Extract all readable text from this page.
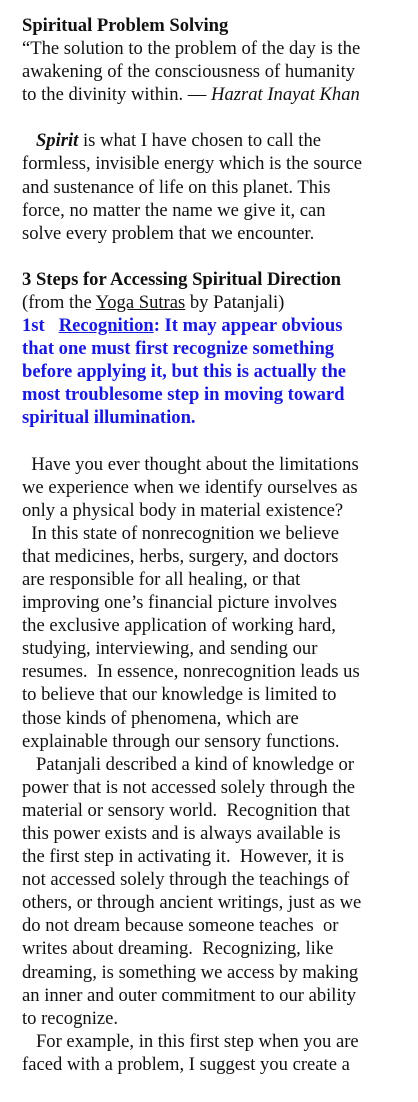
Spiritual Problem Solving
“The solution to the problem of the day is the
awakening of the consciousness of humanity
to the divinity within. — Hazrat Inayat Khan
Spirit is what I have chosen to call the
formless, invisible energy which is the source
and sustenance of life on this planet. This
force, no matter the name we give it, can
solve every problem that we encounter.
3 Steps for Accessing Spiritual Direction
(from the Yoga Sutras by Patanjali)
1st Recognition: It may appear obvious
that one must first recognize something
before applying it, but this is actually the
most troublesome step in moving toward
spiritual illumination.
Have you ever thought about the limitations
we experience when we identify ourselves as
only a physical body in material existence?
In this state of nonrecognition we believe
that medicines, herbs, surgery, and doctors
are responsible for all healing, or that
improving one’s financial picture involves
the exclusive application of working hard,
studying, interviewing, and sending our
resumes.  In essence, nonrecognition leads us
to believe that our knowledge is limited to
those kinds of phenomena, which are
explainable through our sensory functions.
Patanjali described a kind of knowledge or
power that is not accessed solely through the
material or sensory world.  Recognition that
this power exists and is always available is
the first step in activating it.  However, it is
not accessed solely through the teachings of
others, or through ancient writings, just as we
do not dream because someone teaches  or
writes about dreaming.  Recognizing, like
dreaming, is something we access by making
an inner and outer commitment to our ability
to recognize.
For example, in this first step when you are
faced with a problem, I suggest you create a
